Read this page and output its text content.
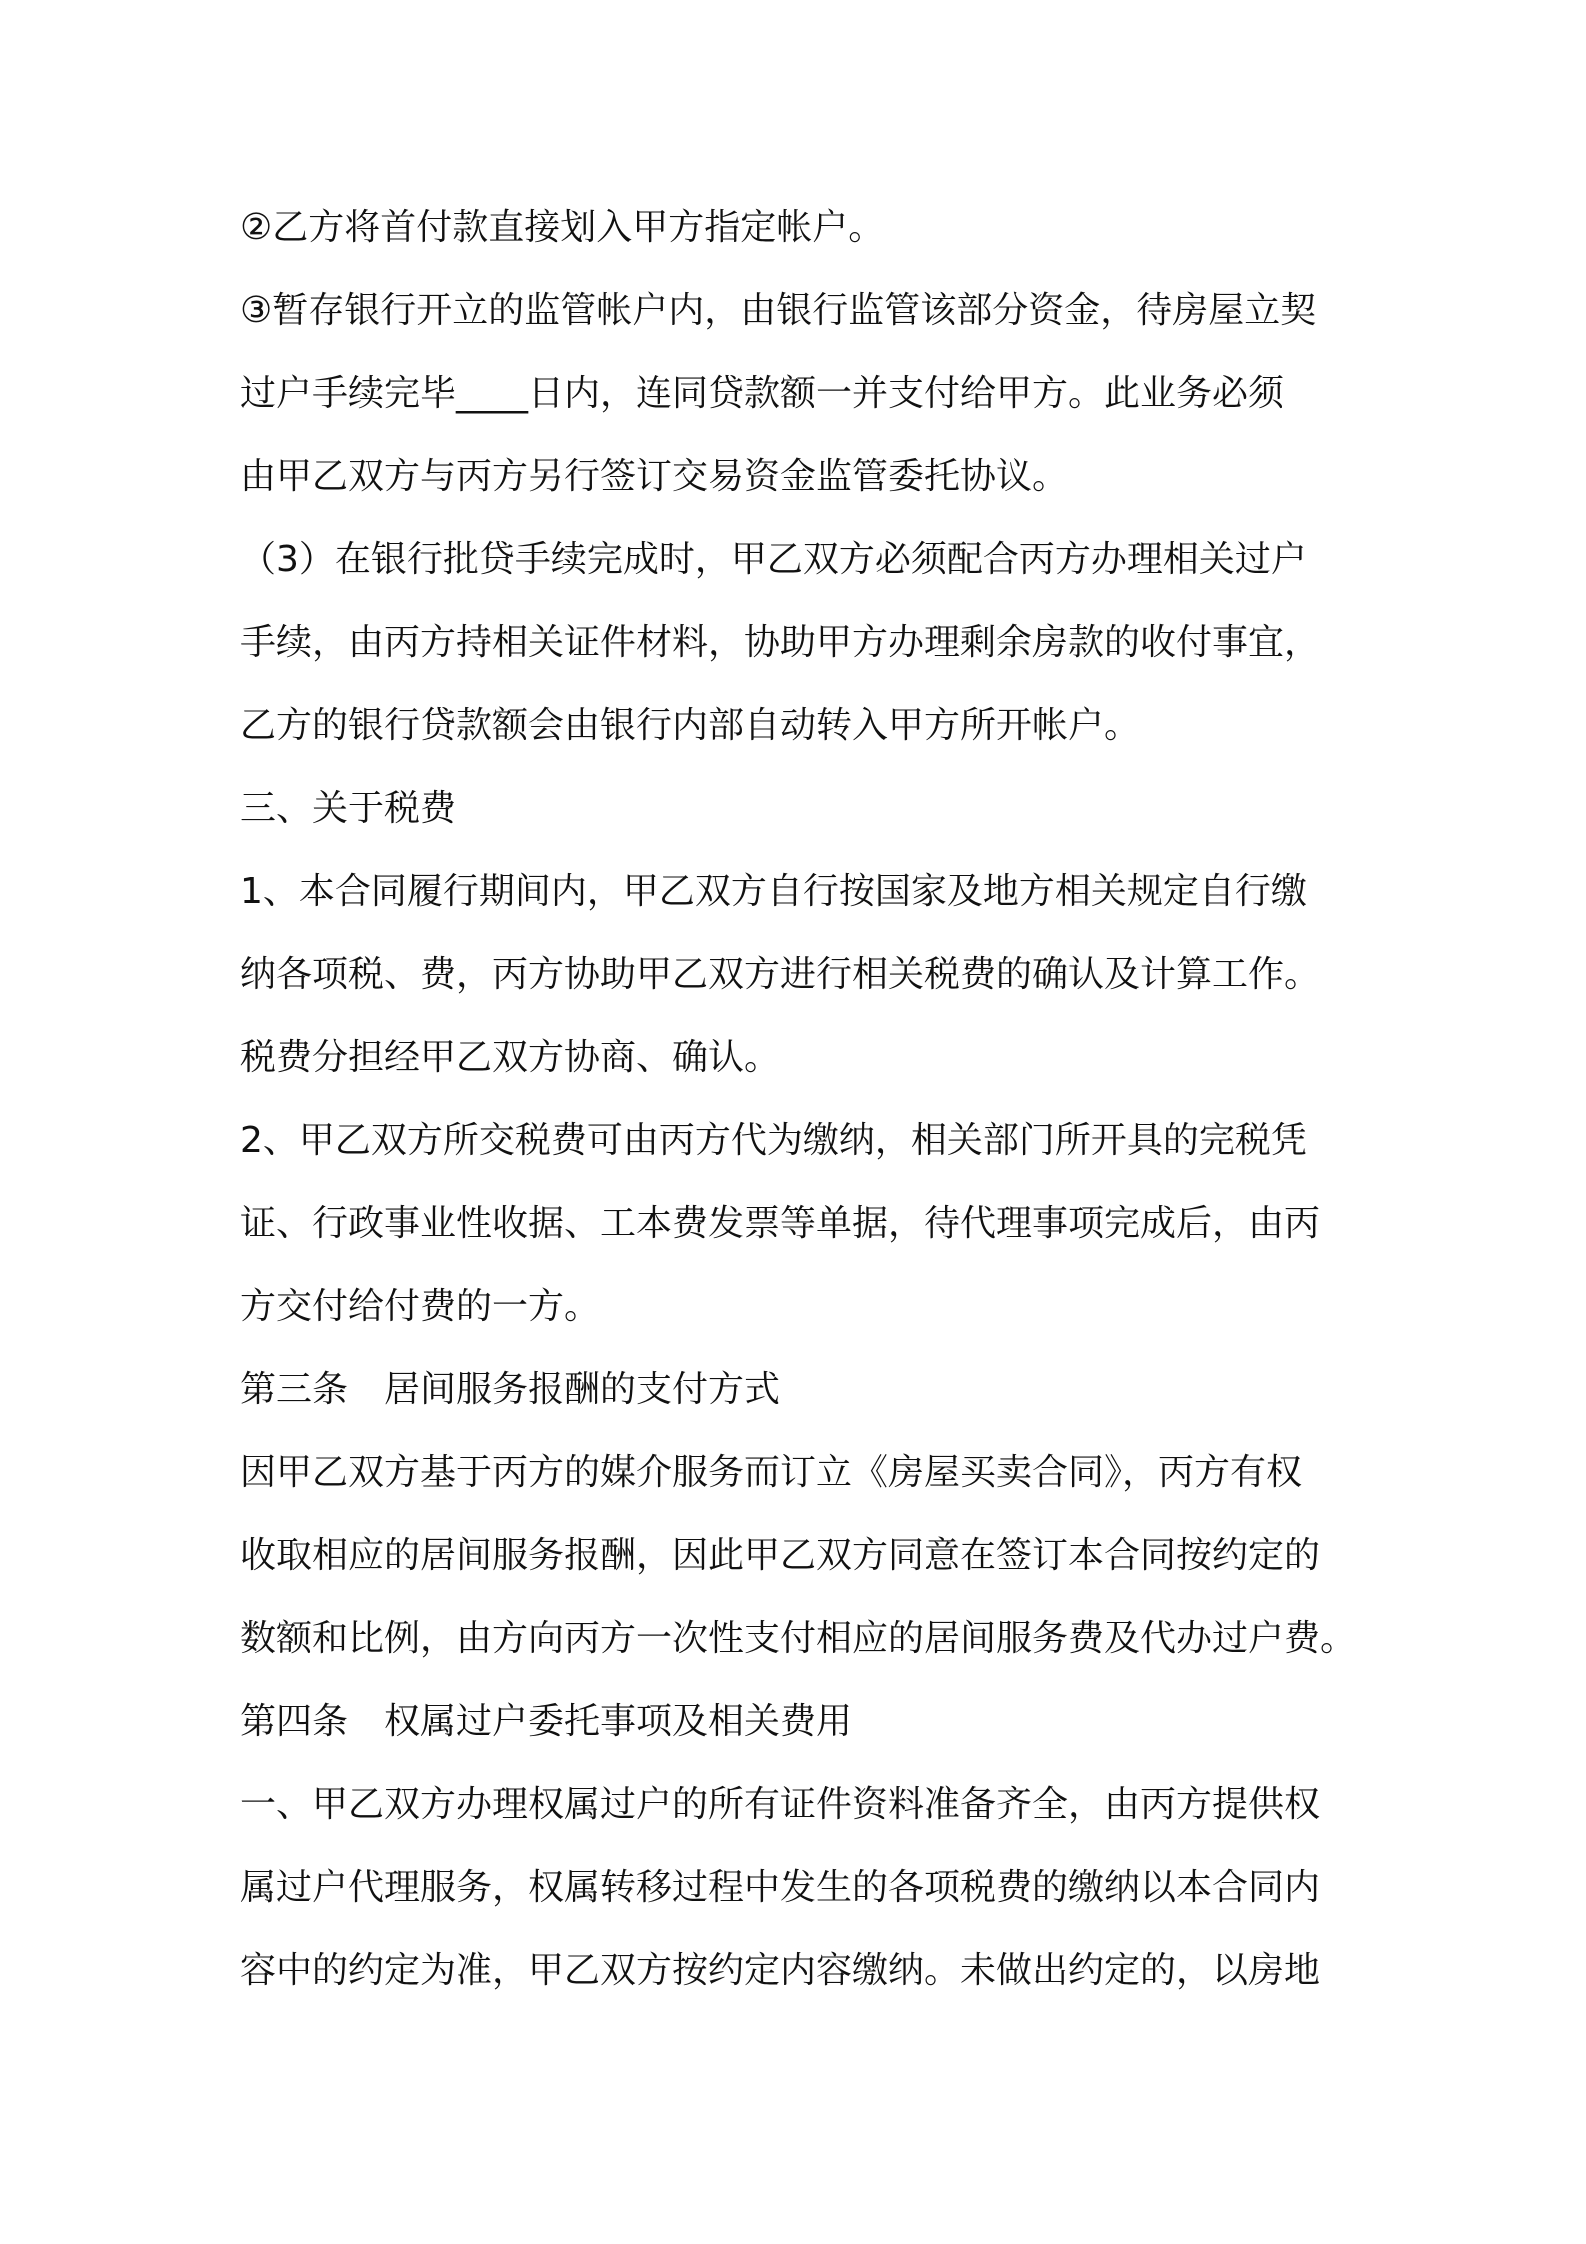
②乙方将首付款直接划入甲方指定帐户。
③暂存银行开立的监管帐户内，由银行监管该部分资金，待房屋立契
过户手续完毕____日内，连同贷款额一并支付给甲方。此业务必须
由甲乙双方与丙方另行签订交易资金监管委托协议。
（3）在银行批贷手续完成时，甲乙双方必须配合丙方办理相关过户
手续，由丙方持相关证件材料，协助甲方办理剩余房款的收付事宜，
乙方的银行贷款额会由银行内部自动转入甲方所开帐户。
三、关于税费
1、本合同履行期间内，甲乙双方自行按国家及地方相关规定自行缴
纳各项税、费，丙方协助甲乙双方进行相关税费的确认及计算工作。
税费分担经甲乙双方协商、确认。
2、甲乙双方所交税费可由丙方代为缴纳，相关部门所开具的完税凭
证、行政事业性收据、工本费发票等单据，待代理事项完成后，由丙
方交付给付费的一方。
第三条　居间服务报酬的支付方式
因甲乙双方基于丙方的媒介服务而订立《房屋买卖合同》，丙方有权
收取相应的居间服务报酬，因此甲乙双方同意在签订本合同按约定的
数额和比例，由方向丙方一次性支付相应的居间服务费及代办过户费。
第四条　权属过户委托事项及相关费用
一、甲乙双方办理权属过户的所有证件资料准备齐全，由丙方提供权
属过户代理服务，权属转移过程中发生的各项税费的缴纳以本合同内
容中的约定为准，甲乙双方按约定内容缴纳。未做出约定的，以房地
